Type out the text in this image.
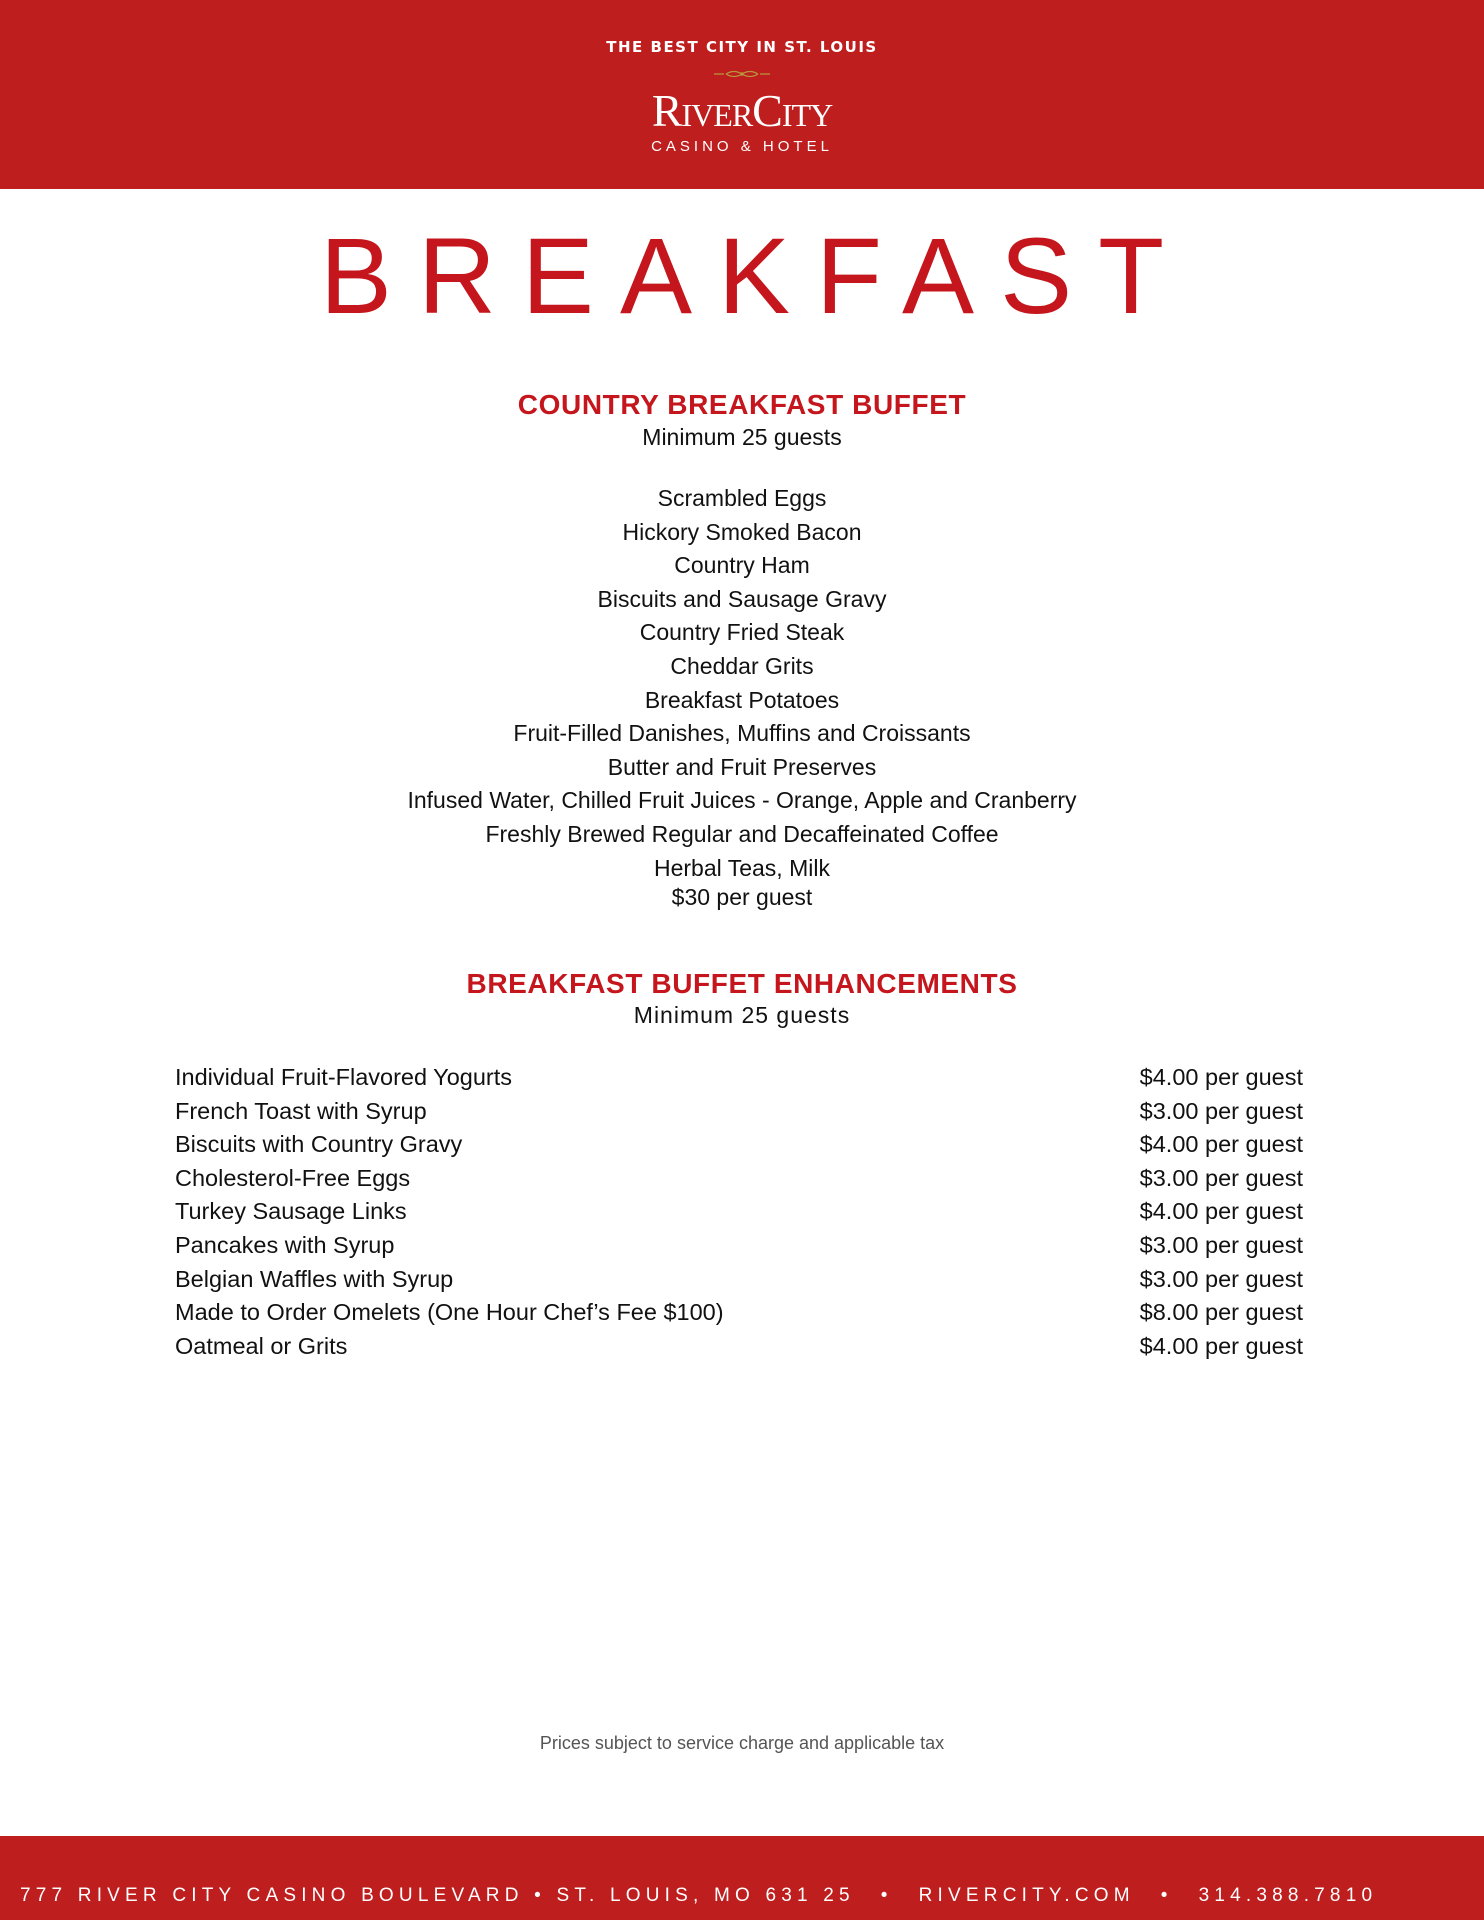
THE BEST CITY IN ST. LOUIS
RIVERCITY
CASINO & HOTEL
BREAKFAST
COUNTRY BREAKFAST BUFFET
Minimum 25 guests
Scrambled Eggs
Hickory Smoked Bacon
Country Ham
Biscuits and Sausage Gravy
Country Fried Steak
Cheddar Grits
Breakfast Potatoes
Fruit-Filled Danishes, Muffins and Croissants
Butter and Fruit Preserves
Infused Water, Chilled Fruit Juices - Orange, Apple and Cranberry
Freshly Brewed Regular and Decaffeinated Coffee
Herbal Teas, Milk
$30 per guest
BREAKFAST BUFFET ENHANCEMENTS
Minimum 25 guests
Individual Fruit-Flavored Yogurts	$4.00 per guest
French Toast with Syrup	$3.00 per guest
Biscuits with Country Gravy	$4.00 per guest
Cholesterol-Free Eggs	$3.00 per guest
Turkey Sausage Links	$4.00 per guest
Pancakes with Syrup	$3.00 per guest
Belgian Waffles with Syrup	$3.00 per guest
Made to Order Omelets (One Hour Chef’s Fee $100)	$8.00 per guest
Oatmeal or Grits	$4.00 per guest
Prices subject to service charge and applicable tax
777 RIVER CITY CASINO BOULEVARD • ST. LOUIS, MO 631 25 • RIVERCITY.COM • 314.388.7810
